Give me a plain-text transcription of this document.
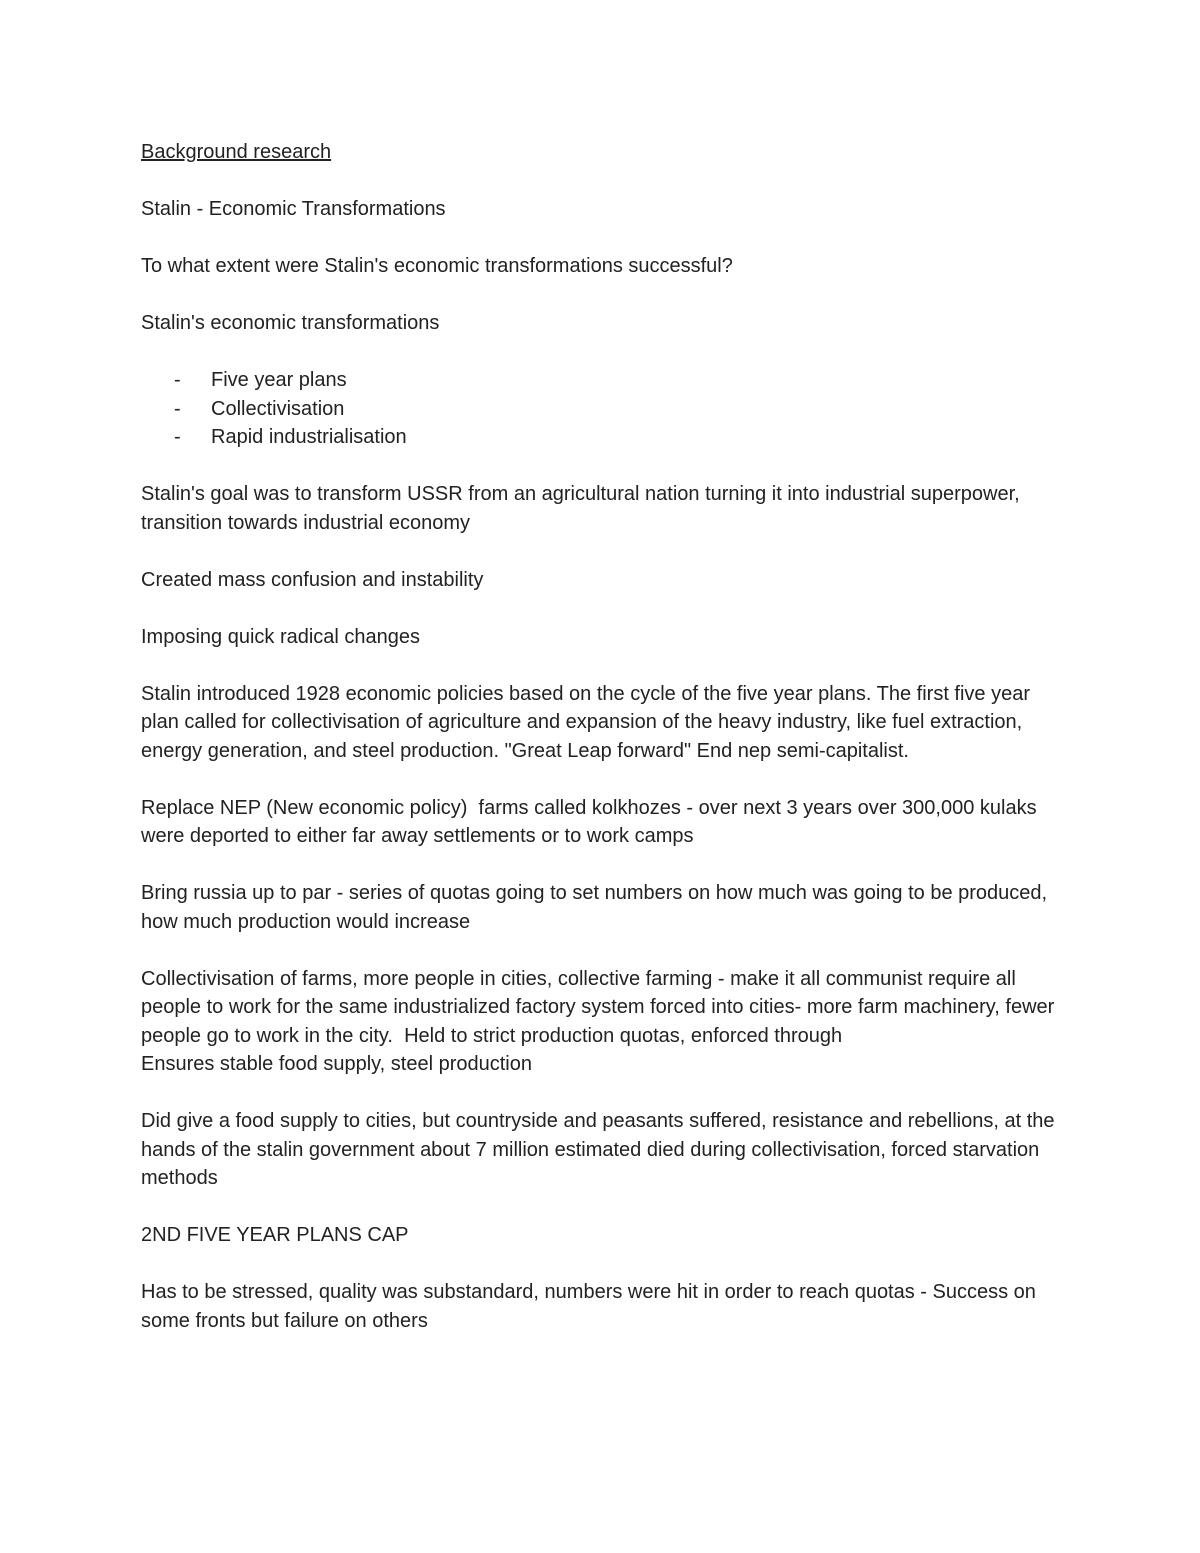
Background research

Stalin - Economic Transformations

To what extent were Stalin's economic transformations successful?

Stalin's economic transformations

- Five year plans
- Collectivisation
- Rapid industrialisation

Stalin's goal was to transform USSR from an agricultural nation turning it into industrial superpower, transition towards industrial economy

Created mass confusion and instability

Imposing quick radical changes

Stalin introduced 1928 economic policies based on the cycle of the five year plans. The first five year plan called for collectivisation of agriculture and expansion of the heavy industry, like fuel extraction, energy generation, and steel production. "Great Leap forward" End nep semi-capitalist.

Replace NEP (New economic policy)  farms called kolkhozes - over next 3 years over 300,000 kulaks were deported to either far away settlements or to work camps

Bring russia up to par - series of quotas going to set numbers on how much was going to be produced, how much production would increase

Collectivisation of farms, more people in cities, collective farming - make it all communist require all people to work for the same industrialized factory system forced into cities- more farm machinery, fewer people go to work in the city.  Held to strict production quotas, enforced through

Ensures stable food supply, steel production

Did give a food supply to cities, but countryside and peasants suffered, resistance and rebellions, at the hands of the stalin government about 7 million estimated died during collectivisation, forced starvation methods

2ND FIVE YEAR PLANS CAP

Has to be stressed, quality was substandard, numbers were hit in order to reach quotas - Success on some fronts but failure on others
